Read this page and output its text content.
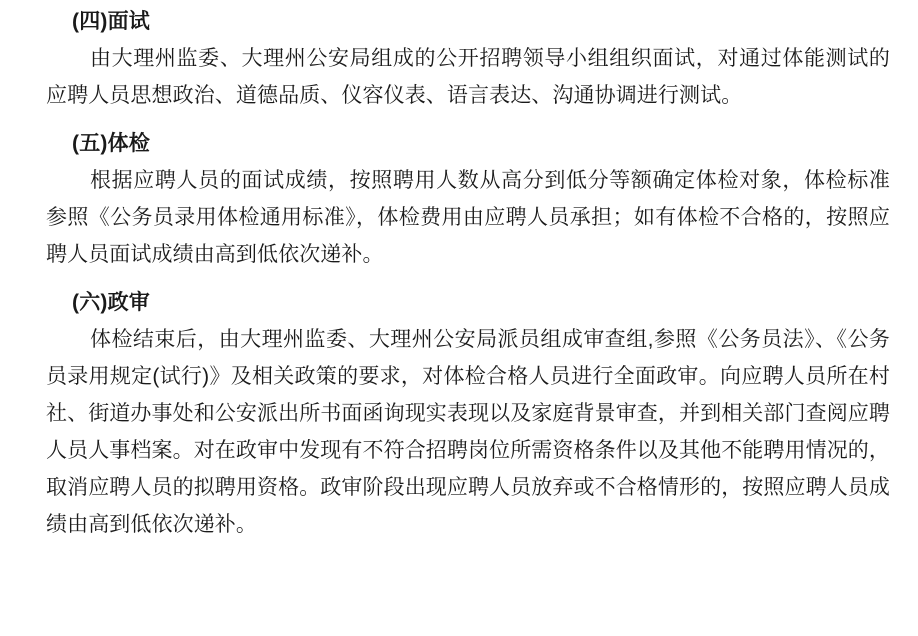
(四)面试

由大理州监委、大理州公安局组成的公开招聘领导小组组织面试，对通过体能测试的应聘人员思想政治、道德品质、仪容仪表、语言表达、沟通协调进行测试。

(五)体检

根据应聘人员的面试成绩，按照聘用人数从高分到低分等额确定体检对象，体检标准参照《公务员录用体检通用标准》，体检费用由应聘人员承担；如有体检不合格的，按照应聘人员面试成绩由高到低依次递补。

(六)政审

体检结束后，由大理州监委、大理州公安局派员组成审查组,参照《公务员法》、《公务员录用规定(试行)》及相关政策的要求，对体检合格人员进行全面政审。向应聘人员所在村社、街道办事处和公安派出所书面函询现实表现以及家庭背景审查，并到相关部门查阅应聘人员人事档案。对在政审中发现有不符合招聘岗位所需资格条件以及其他不能聘用情况的，取消应聘人员的拟聘用资格。政审阶段出现应聘人员放弃或不合格情形的，按照应聘人员成绩由高到低依次递补。
